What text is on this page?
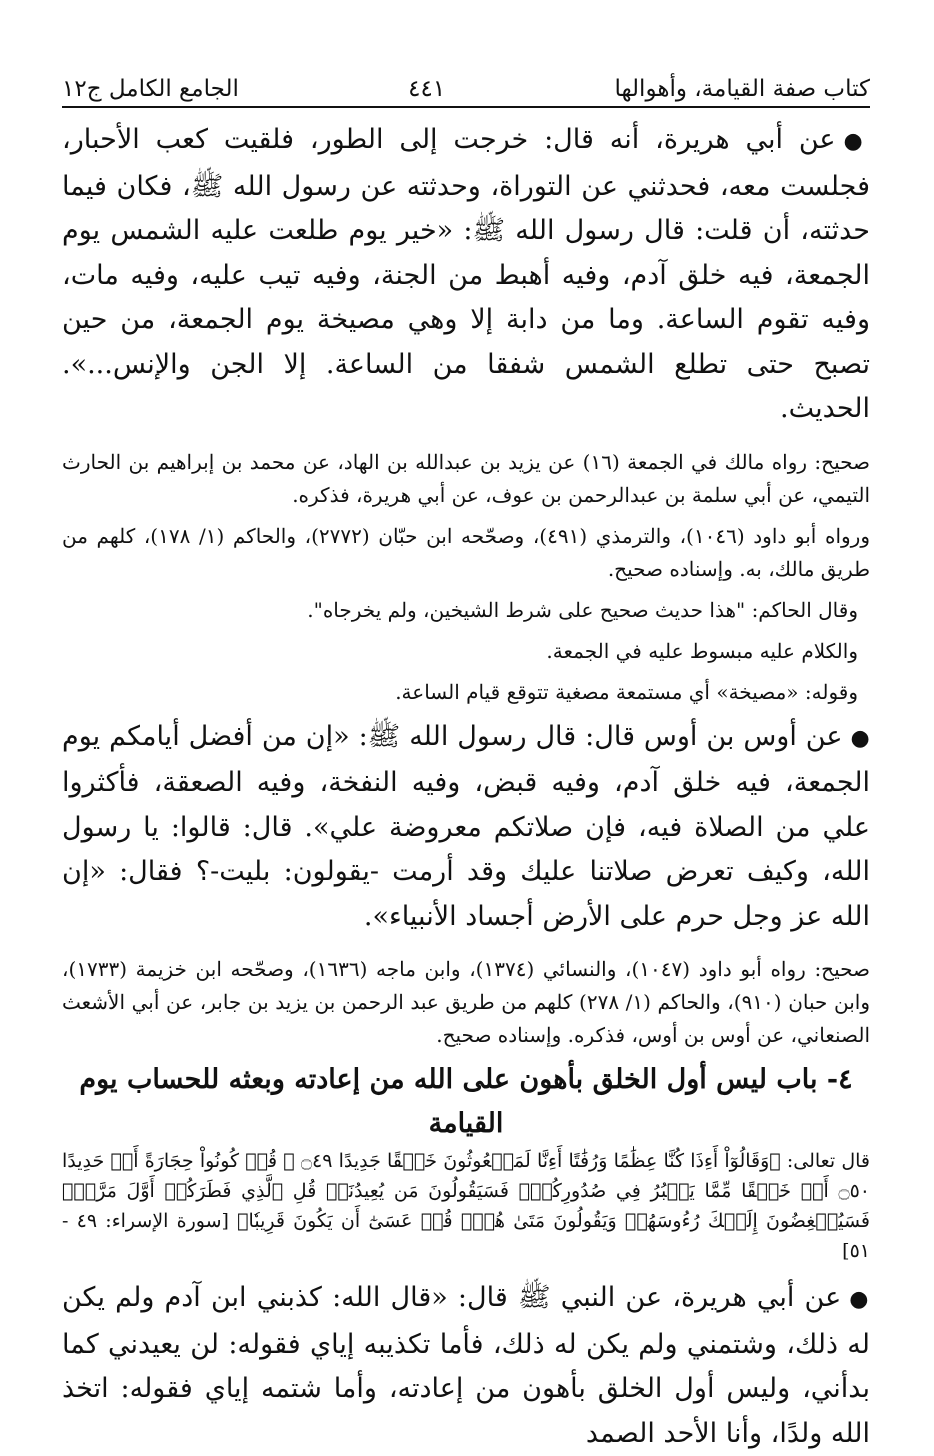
كتاب صفة القيامة، وأهوالها
٤٤١
الجامع الكامل ج١٢

●عن أبي هريرة، أنه قال: خرجت إلى الطور، فلقيت كعب الأحبار، فجلست معه، فحدثني عن التوراة، وحدثته عن رسول الله ﷺ، فكان فيما حدثته، أن قلت: قال رسول الله ﷺ: «خير يوم طلعت عليه الشمس يوم الجمعة، فيه خلق آدم، وفيه أهبط من الجنة، وفيه تيب عليه، وفيه مات، وفيه تقوم الساعة. وما من دابة إلا وهي مصيخة يوم الجمعة، من حين تصبح حتى تطلع الشمس شفقا من الساعة. إلا الجن والإنس...». الحديث.

صحيح: رواه مالك في الجمعة (١٦) عن يزيد بن عبدالله بن الهاد، عن محمد بن إبراهيم بن الحارث التيمي، عن أبي سلمة بن عبدالرحمن بن عوف، عن أبي هريرة، فذكره.

ورواه أبو داود (١٠٤٦)، والترمذي (٤٩١)، وصحّحه ابن حبّان (٢٧٧٢)، والحاكم (١/ ١٧٨)، كلهم من طريق مالك، به. وإسناده صحيح.

وقال الحاكم: "هذا حديث صحيح على شرط الشيخين، ولم يخرجاه".

والكلام عليه مبسوط عليه في الجمعة.

وقوله: «مصيخة» أي مستمعة مصغية تتوقع قيام الساعة.

●عن أوس بن أوس قال: قال رسول الله ﷺ: «إن من أفضل أيامكم يوم الجمعة، فيه خلق آدم، وفيه قبض، وفيه النفخة، وفيه الصعقة، فأكثروا علي من الصلاة فيه، فإن صلاتكم معروضة علي». قال: قالوا: يا رسول الله، وكيف تعرض صلاتنا عليك وقد أرمت -يقولون: بليت-؟ فقال: «إن الله عز وجل حرم على الأرض أجساد الأنبياء».

صحيح: رواه أبو داود (١٠٤٧)، والنسائي (١٣٧٤)، وابن ماجه (١٦٣٦)، وصحّحه ابن خزيمة (١٧٣٣)، وابن حبان (٩١٠)، والحاكم (١/ ٢٧٨) كلهم من طريق عبد الرحمن بن يزيد بن جابر، عن أبي الأشعث الصنعاني، عن أوس بن أوس، فذكره. وإسناده صحيح.

٤- باب ليس أول الخلق بأهون على الله من إعادته وبعثه للحساب يوم القيامة

قال تعالى: ﴿وَقَالُوٓاْ أَءِذَا كُنَّا عِظَٰمًا وَرُفَٰتًا أَءِنَّا لَمَبۡعُوثُونَ خَلۡقًا جَدِيدًا ۝٤٩ ۞ قُلۡ كُونُواْ حِجَارَةً أَوۡ حَدِيدًا ۝٥٠ أَوۡ خَلۡقًا مِّمَّا يَكۡبُرُ فِي صُدُورِكُمۡۚ فَسَيَقُولُونَ مَن يُعِيدُنَاۖ قُلِ ٱلَّذِي فَطَرَكُمۡ أَوَّلَ مَرَّةٖۚ فَسَيُنۡغِضُونَ إِلَيۡكَ رُءُوسَهُمۡ وَيَقُولُونَ مَتَىٰ هُوَۖ قُلۡ عَسَىٰٓ أَن يَكُونَ قَرِيبٗا﴾ [سورة الإسراء: ٤٩ - ٥١]

●عن أبي هريرة، عن النبي ﷺ قال: «قال الله: كذبني ابن آدم ولم يكن له ذلك، وشتمني ولم يكن له ذلك، فأما تكذيبه إياي فقوله: لن يعيدني كما بدأني، وليس أول الخلق بأهون من إعادته، وأما شتمه إياي فقوله: اتخذ الله ولدًا، وأنا الأحد الصمد
